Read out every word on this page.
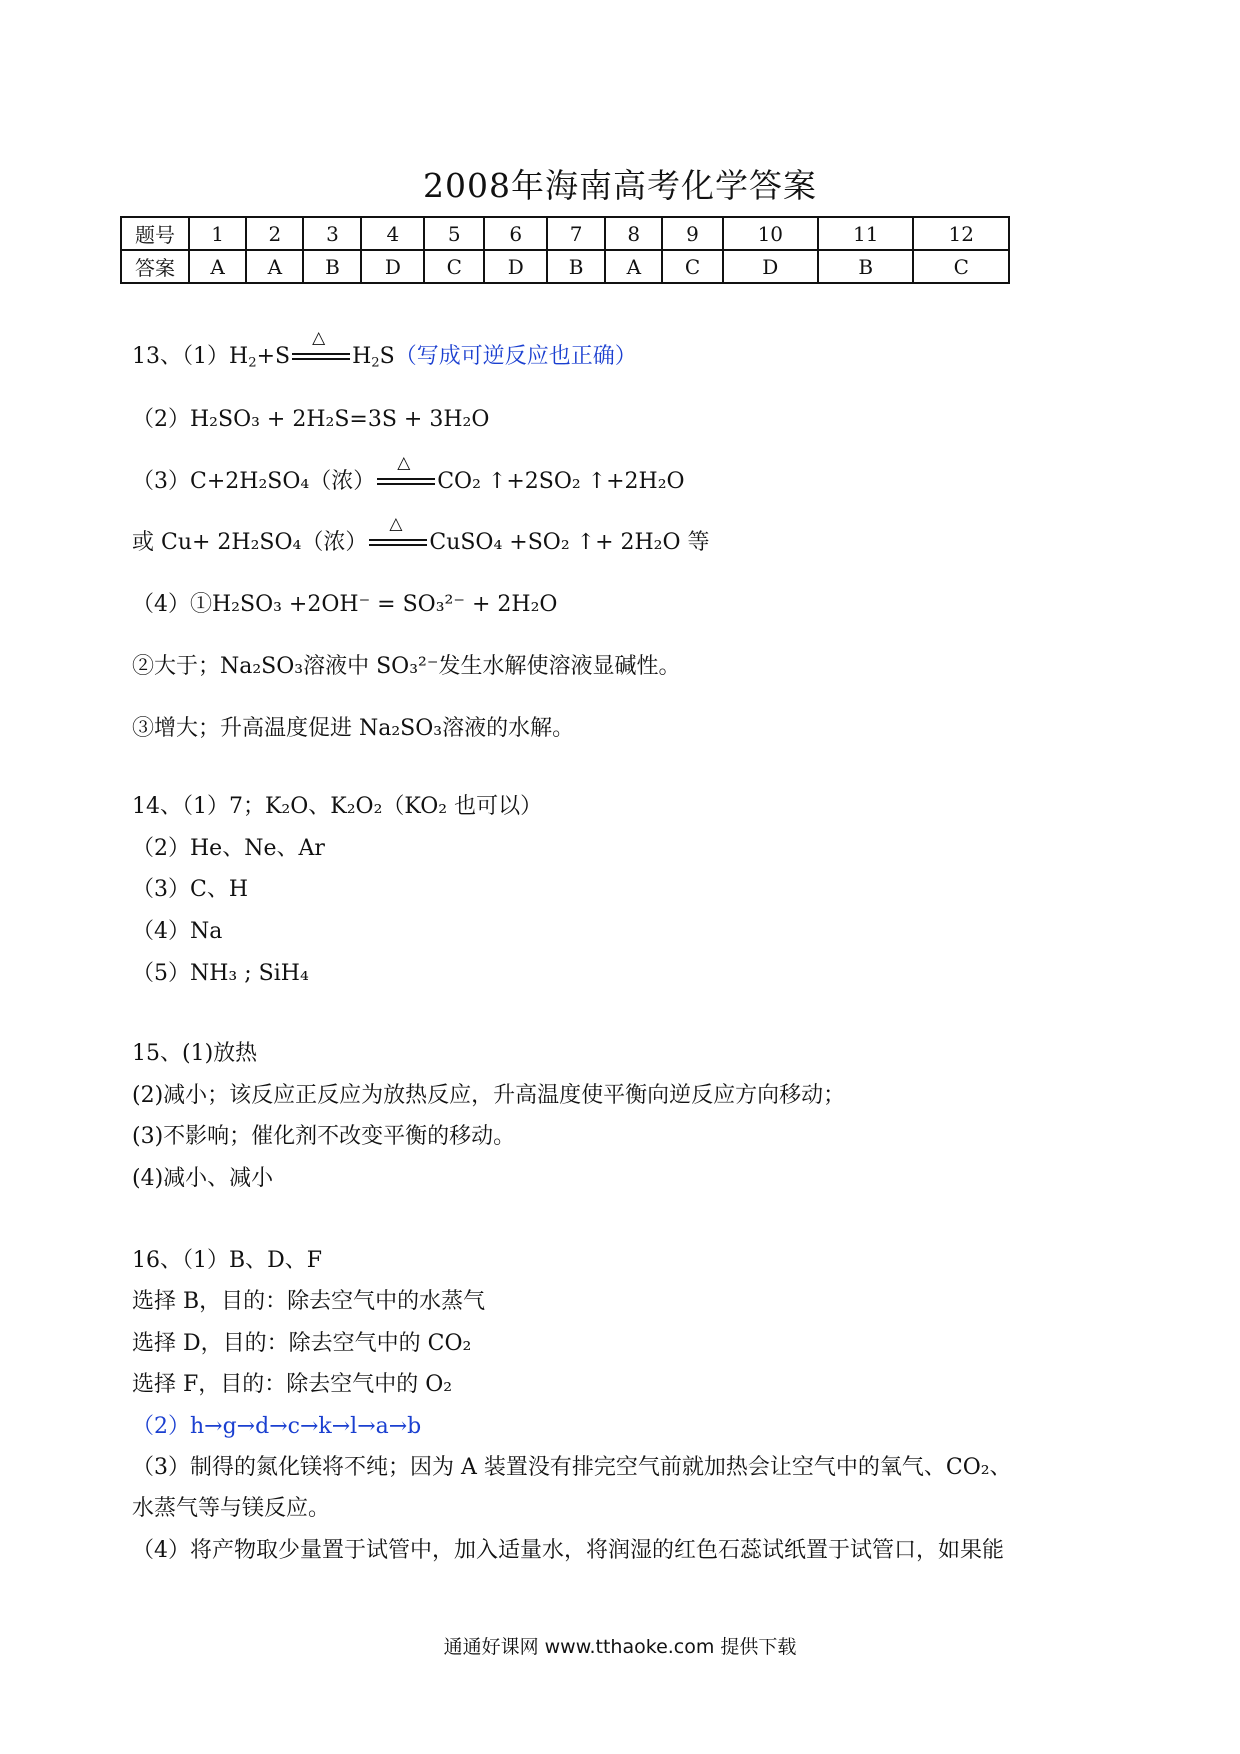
2008年海南高考化学答案
题号	1	2	3	4	5	6	7	8	9	10	11	12
答案	A	A	B	D	C	D	B	A	C	D	B	C
13、$(1)H_2+S$
△
$H_2S$（写成可逆反应也正确）
（2）H₂SO₃ + 2H₂S=3S + 3H₂O
（3）C+2H₂SO₄（浓）
△
CO₂ ↑+2SO₂ ↑+2H₂O
或 Cu+ 2H₂SO₄（浓）
△
CuSO₄ +SO₂ ↑+ 2H₂O 等
（4）①H₂SO₃ +2OH⁻ = SO₃²⁻ + 2H₂O
②大于；Na₂SO₃溶液中 SO₃²⁻发生水解使溶液显碱性。
③增大；升高温度促进 Na₂SO₃溶液的水解。
14、（1）7；K₂O、K₂O₂（KO₂ 也可以）
（2）He、Ne、Ar
（3）C、H
（4）Na
（5）NH₃ ; SiH₄
15、(1)放热
(2)减小；该反应正反应为放热反应，升高温度使平衡向逆反应方向移动；
(3)不影响；催化剂不改变平衡的移动。
(4)减小、减小
16、（1）B、D、F
选择 B，目的：除去空气中的水蒸气
选择 D，目的：除去空气中的 CO₂
选择 F，目的：除去空气中的 O₂
（2）h→g→d→c→k→l→a→b
（3）制得的氮化镁将不纯；因为 A 装置没有排完空气前就加热会让空气中的氧气、CO₂、
水蒸气等与镁反应。
（4）将产物取少量置于试管中，加入适量水，将润湿的红色石蕊试纸置于试管口，如果能
通通好课网 www.tthaoke.com 提供下载
